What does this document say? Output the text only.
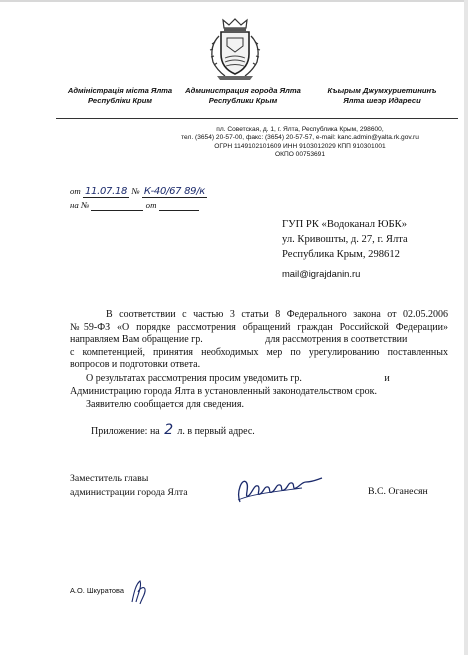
Адміністрація міста Ялта
Республіки Крим
Администрация города Ялта
Республики Крым
Къырым Джумхуриетининъ
Ялта шеэр Идареси
пл. Советская, д. 1, г. Ялта, Республика Крым, 298600,
тел. (3654) 20-57-00, факс: (3654) 20-57-57, e-mail: kanc.admin@yalta.rk.gov.ru
ОГРН 1149102101609 ИНН 9103012029 КПП 910301001
ОКПО 00753691
от 11.07.18 № К-40/67 89/к
на №	от
ГУП РК «Водоканал ЮБК»
ул. Кривошты, д. 27, г. Ялта
Республика Крым, 298612
mail@igrajdanin.ru
В соответствии с частью 3 статьи 8 Федерального закона от 02.05.2006
№59-ФЗ «О порядке рассмотрения обращений граждан Российской Федерации»
направляем Вам обращение гр.                         для рассмотрения в соответствии
с компетенцией, принятия необходимых мер по урегулированию поставленных
вопросов и подготовки ответа.
О результатах рассмотрения просим уведомить гр.                                 и
Администрацию города Ялта в установленный законодательством срок.
Заявителю сообщается для сведения.
Приложение: на 2 л. в первый адрес.
Заместитель главы
администрации города Ялта	В.С. Оганесян
А.О. Шкуратова
